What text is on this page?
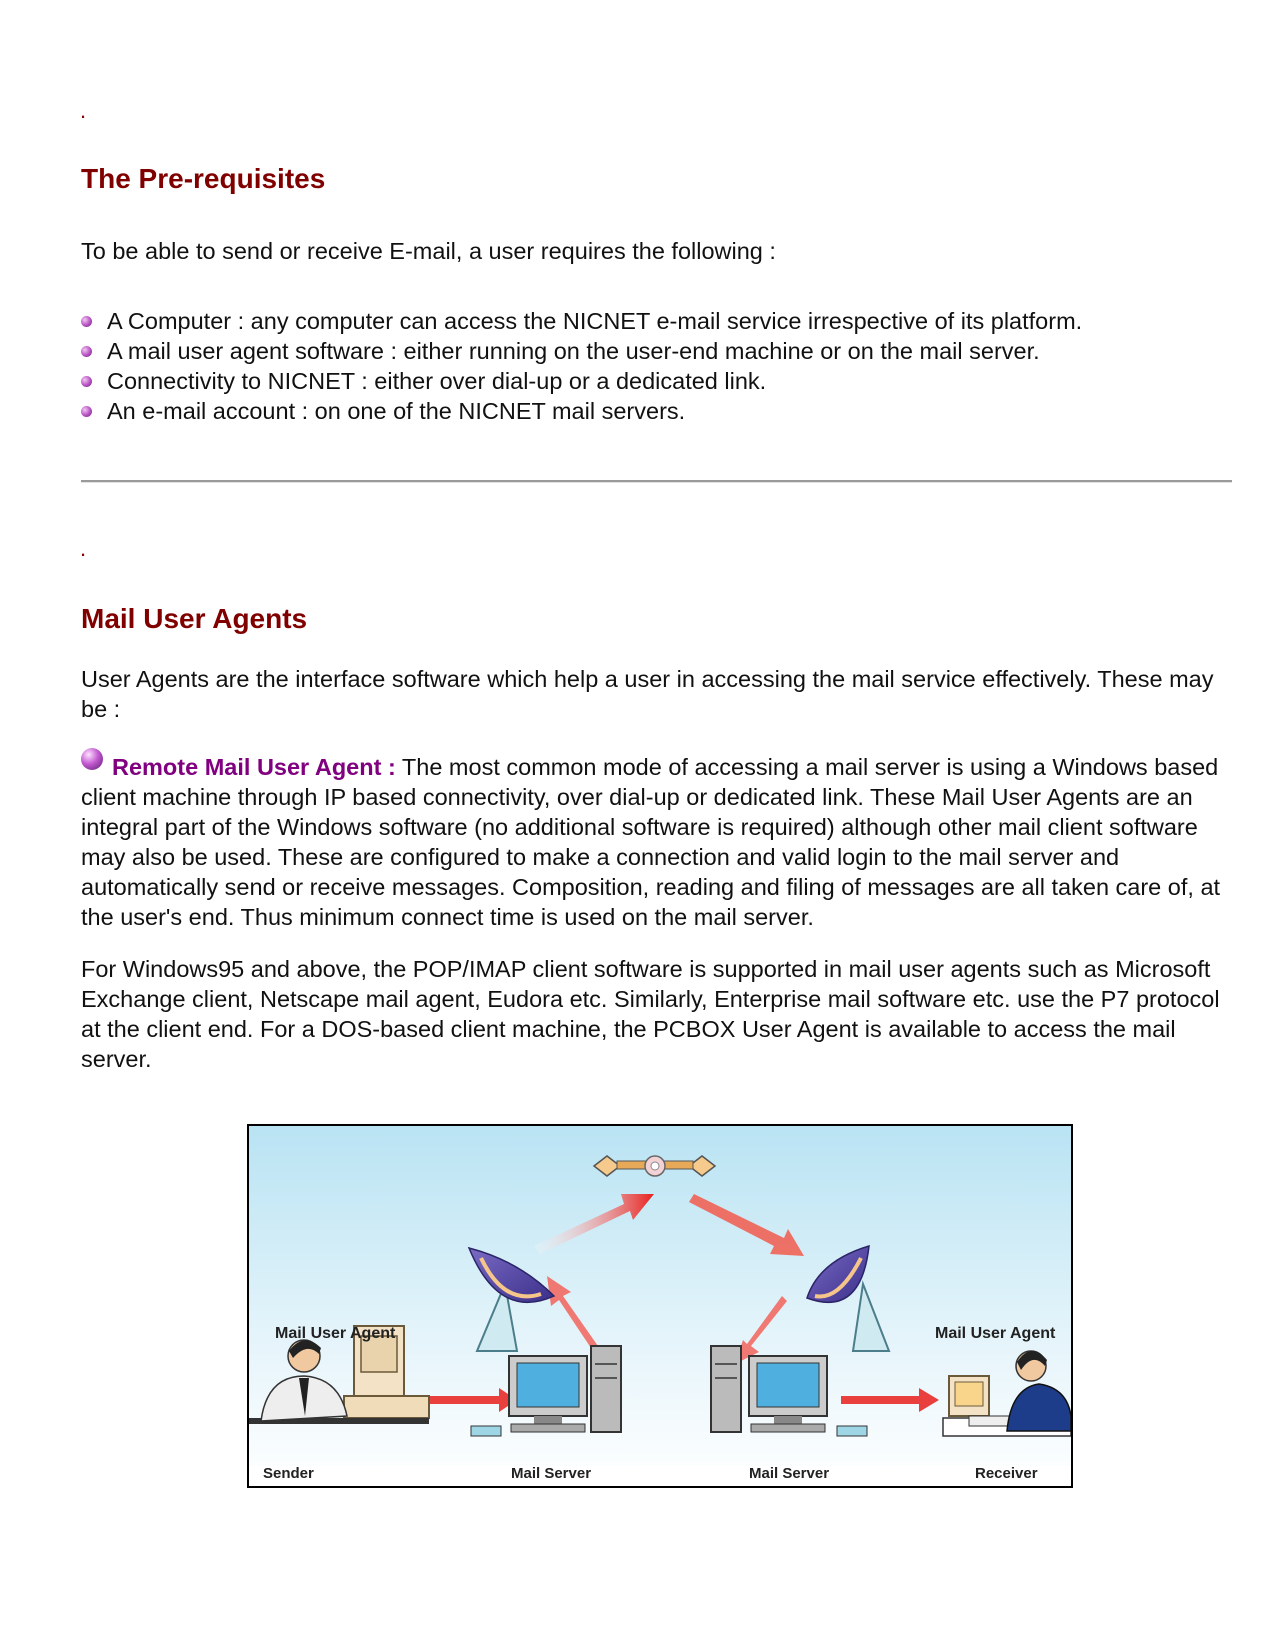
.
The Pre-requisites

To be able to send or receive E-mail, a user requires the following :

A Computer : any computer can access the NICNET e-mail service irrespective of its platform.
A mail user agent software : either running on the user-end machine or on the mail server.
Connectivity to NICNET : either over dial-up or a dedicated link.
An e-mail account : on one of the NICNET mail servers.
.
Mail User Agents

User Agents are the interface software which help a user in accessing the mail service effectively. These may be :

Remote Mail User Agent : The most common mode of accessing a mail server is using a Windows based client machine through IP based connectivity, over dial-up or dedicated link. These Mail User Agents are an integral part of the Windows software (no additional software is required) although other mail client software may also be used. These are configured to make a connection and valid login to the mail server and automatically send or receive messages. Composition, reading and filing of messages are all taken care of, at the user's end. Thus minimum connect time is used on the mail server.

For Windows95 and above, the POP/IMAP client software is supported in mail user agents such as Microsoft Exchange client, Netscape mail agent, Eudora etc. Similarly, Enterprise mail software etc. use the P7 protocol at the client end. For a DOS-based client machine, the PCBOX User Agent is available to access the mail server.

Mail User Agent	Mail User Agent
Sender	Mail Server	Mail Server	Receiver
